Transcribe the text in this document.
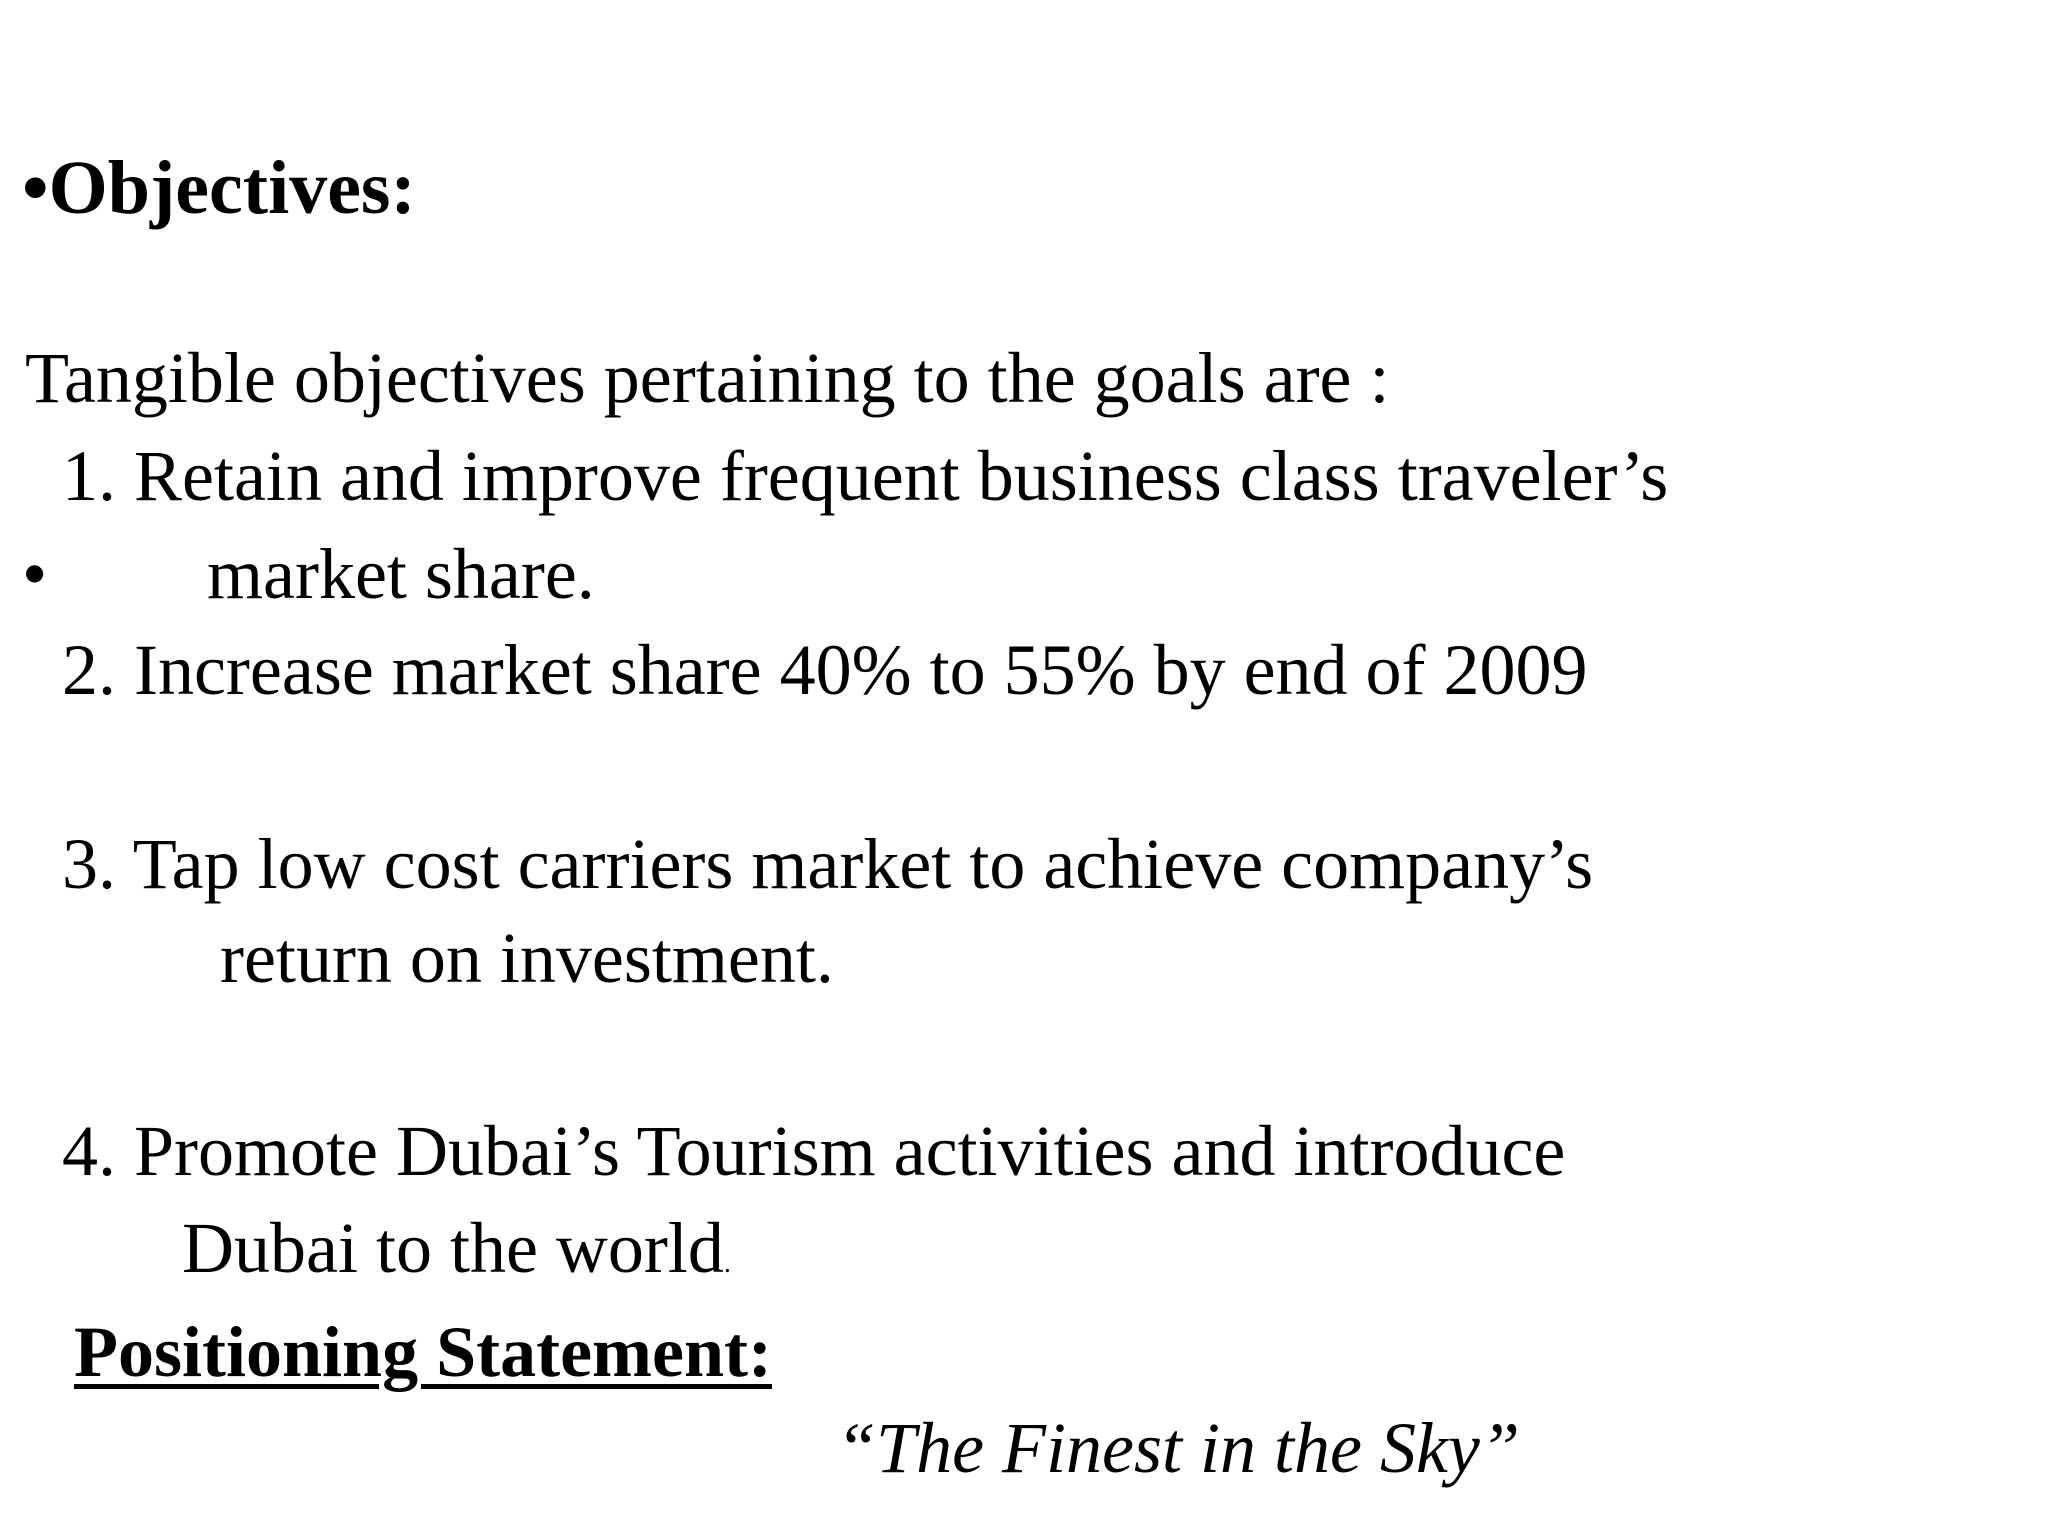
•Objectives:
Tangible objectives pertaining to the goals are :
1. Retain and improve frequent business class traveler’s
• market share.
2. Increase market share 40% to 55% by end of 2009
3. Tap low cost carriers market to achieve company’s
return on investment.
4. Promote Dubai’s Tourism activities and introduce
Dubai to the world.
Positioning Statement:
“The Finest in the Sky”
